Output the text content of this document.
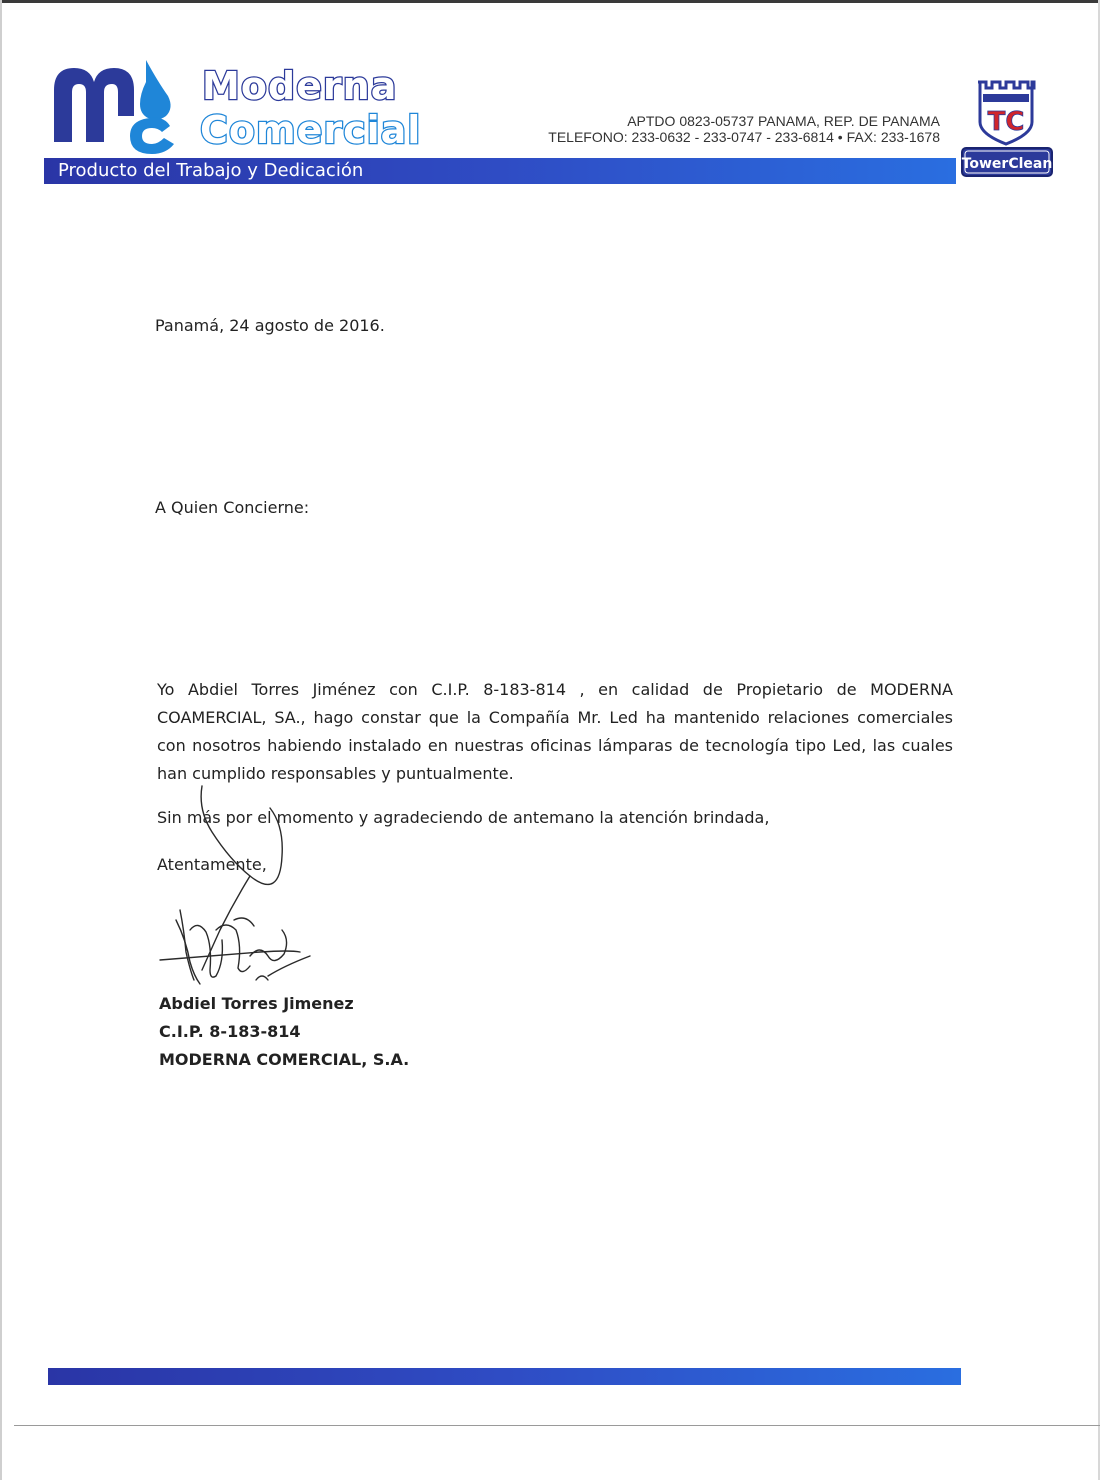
Moderna
Comercial	APTDO 0823-05737 PANAMA, REP. DE PANAMA
TELEFONO: 233-0632 - 233-0747 - 233-6814 • FAX: 233-1678
Producto del Trabajo y Dedicación
TC
TowerClean
Panamá, 24 agosto de 2016.
A Quien Concierne:

Yo Abdiel Torres Jiménez con C.I.P. 8-183-814 , en calidad de Propietario de MODERNA COAMERCIAL, SA., hago constar que la Compañía Mr. Led ha mantenido relaciones comerciales con nosotros habiendo instalado en nuestras oficinas lámparas de tecnología tipo Led, las cuales han cumplido responsables y puntualmente.

Sin más por el momento y agradeciendo de antemano la atención brindada,
Atentamente,
Abdiel Torres Jimenez
C.I.P. 8-183-814
MODERNA COMERCIAL, S.A.
